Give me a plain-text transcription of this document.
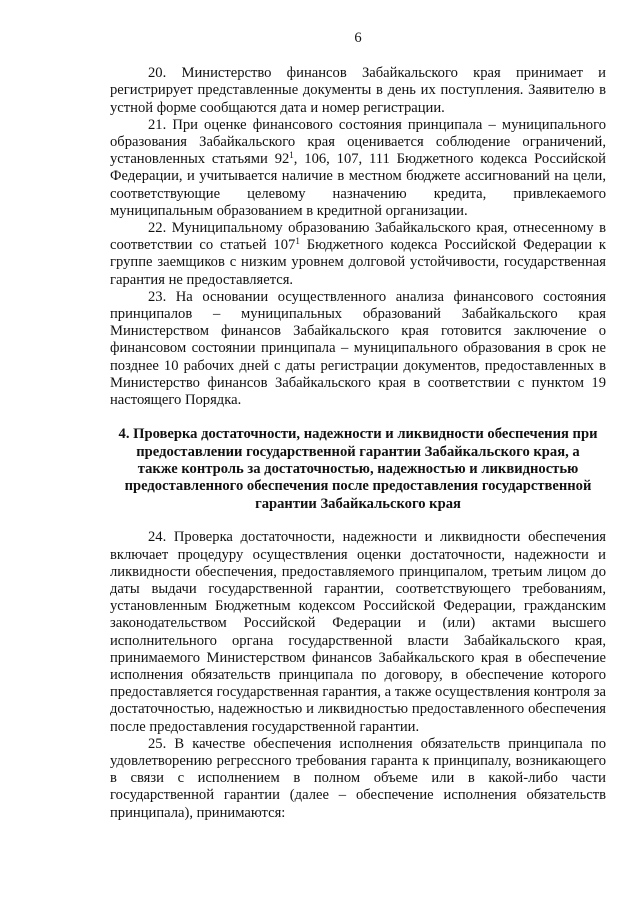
6

20. Министерство финансов Забайкальского края принимает и регистрирует представленные документы в день их поступления. Заявителю в устной форме сообщаются дата и номер регистрации.

21. При оценке финансового состояния принципала – муниципального образования Забайкальского края оценивается соблюдение ограничений, установленных статьями $92^1$, 106, 107, 111 Бюджетного кодекса Российской Федерации, и учитывается наличие в местном бюджете ассигнований на цели, соответствующие целевому назначению кредита, привлекаемого муниципальным образованием в кредитной организации.

22. Муниципальному образованию Забайкальского края, отнесенному в соответствии со статьей $107^1$ Бюджетного кодекса Российской Федерации к группе заемщиков с низким уровнем долговой устойчивости, государственная гарантия не предоставляется.

23. На основании осуществленного анализа финансового состояния принципалов – муниципальных образований Забайкальского края Министерством финансов Забайкальского края готовится заключение о финансовом состоянии принципала – муниципального образования в срок не позднее 10 рабочих дней с даты регистрации документов, предоставленных в Министерство финансов Забайкальского края в соответствии с пунктом 19 настоящего Порядка.

4. Проверка достаточности, надежности и ликвидности обеспечения при
предоставлении государственной гарантии Забайкальского края, а
также контроль за достаточностью, надежностью и ликвидностью
предоставленного обеспечения после предоставления государственной
гарантии Забайкальского края

24. Проверка достаточности, надежности и ликвидности обеспечения включает процедуру осуществления оценки достаточности, надежности и ликвидности обеспечения, предоставляемого принципалом, третьим лицом до даты выдачи государственной гарантии, соответствующего требованиям, установленным Бюджетным кодексом Российской Федерации, гражданским законодательством Российской Федерации и (или) актами высшего исполнительного органа государственной власти Забайкальского края, принимаемого Министерством финансов Забайкальского края в обеспечение исполнения обязательств принципала по договору, в обеспечение которого предоставляется государственная гарантия, а также осуществления контроля за достаточностью, надежностью и ликвидностью предоставленного обеспечения после предоставления государственной гарантии.

25. В качестве обеспечения исполнения обязательств принципала по удовлетворению регрессного требования гаранта к принципалу, возникающего в связи с исполнением в полном объеме или в какой-либо части государственной гарантии (далее – обеспечение исполнения обязательств принципала), принимаются:
